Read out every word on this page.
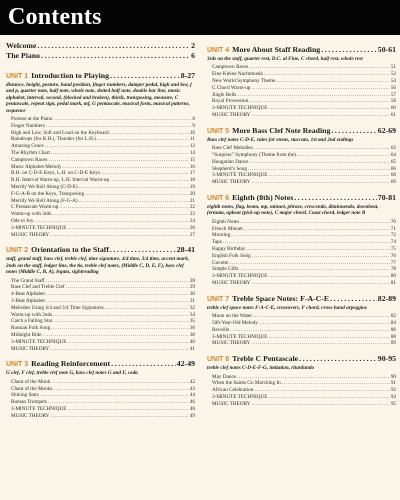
Contents
Welcome .....	2
The Piano .....	6
UNIT 1 Introduction to Playing .....	8-27
distance, height, posture, hand position, finger numbers, damper pedal, high and low, f and p, quarter note, half note, whole note, dotted half note, double bar line, music alphabet, interval, second, (blocked and broken), thirds, transposing, measure, C pentascale, repeat sign, pedal mark, mf, G pentascale, musical form, musical patterns, sequence
Posture at the Piano .....	8
Finger Numbers .....	9
High and Low, Soft and Loud on the Keyboard .....	10
Raindrops (for R.H.), Thunder (for L.H.) .....	11
Amazing Grace .....	12
The Rhythm Chart .....	14
Camptown Races .....	15
Music Alphabet Melody .....	16
R.H. on C-D-E Keys, L.H. on C-D-E Keys .....	17
R.H. Interval Warm-up, L.H. Interval Warm-up .....	18
Merrily We Roll Along (C-D-E) .....	19
F-G-A-B on the Keys, Transposing .....	20
Merrily We Roll Along (F-G-A) .....	21
C Pentascale Warm-up .....	22
Warm-up with 3rds .....	23
Ode to Joy .....	24
3-MINUTE TECHNIQUE .....	26
MUSIC THEORY .....	27
UNIT 2 Orientation to the Staff .....	28-41
staff, grand staff, bass clef, treble clef, time signature, 4/4 time, 3/4 time, accent mark, 2nds on the staff, ledger line, the tie, treble clef notes, (Middle C, D, E, F), bass clef notes (Middle C, B, A), legato, sightreading
The Grand Staff .....	28
Bass Clef and Treble Clef .....	29
4-Beat Alphabet .....	30
3-Beat Alphabet .....	31
Melodies Using 4/4 and 3/4 Time Signatures .....	32
Warm-up with 2nds .....	34
Catch a Falling Star .....	35
Russian Folk Song .....	36
Midnight Ride .....	38
3-MINUTE TECHNIQUE .....	40
MUSIC THEORY .....	41
UNIT 3 Reading Reinforcement .....	42-49
G clef, F clef, treble clef note G, bass clef notes G and F, coda
Chant of the Monk .....	42
Chant of the Monks .....	43
Shining Stars .....	44
Roman Trumpets .....	46
3-MINUTE TECHNIQUE .....	48
MUSIC THEORY .....	49
UNIT 4 More About Staff Reading .....	50-61
3rds on the staff, quarter rest, D.C. al Fine, C chord, half rest, whole rest
Camptown Races .....	51
Eine Kleine Nachtmusik .....	52
New World Symphony Theme .....	54
C Chord Warm-up .....	56
Jingle Bells .....	57
Royal Procession .....	58
3-MINUTE TECHNIQUE .....	60
MUSIC THEORY .....	61
UNIT 5 More Bass Clef Note Reading .....	62-69
Bass clef notes C-D-E, rules for stems, staccato, 1st and 2nd endings
Bass Clef Melodies .....	62
“Surprise” Symphony (Theme from the) .....	64
Hungarian Dance .....	65
Shepherd’s Song .....	66
3-MINUTE TECHNIQUE .....	68
MUSIC THEORY .....	69
UNIT 6 Eighth (8th) Notes .....	70-81
eighth notes, flag, beam, mp, minuet, phrase, crescendo, diminuendo, downbeat, fermata, upbeat (pick-up note), C major chord, Coast chord, ledger note B
Eighth Notes .....	70
French Minuet .....	71
Morning .....	72
Taps .....	74
Happy Birthday .....	75
English Folk Song .....	76
Gavotte .....	77
Simple Gifts .....	78
3-MINUTE TECHNIQUE .....	80
MUSIC THEORY .....	81
UNIT 7 Treble Space Notes: F-A-C-E .....	82-89
treble clef space notes F-A-C-E, crossovers, F chord, cross-hand arpeggios
Moon on the Water .....	82
500-Year-Old Melody .....	84
Reveille .....	86
3-MINUTE TECHNIQUE .....	88
MUSIC THEORY .....	89
UNIT 8 Treble C Pentascale .....	90-95
treble clef notes C-D-E-F-G, imitation, ritardando
May Dance .....	90
When the Saints Go Marching In .....	91
African Celebration .....	92
3-MINUTE TECHNIQUE .....	94
MUSIC THEORY .....	95
